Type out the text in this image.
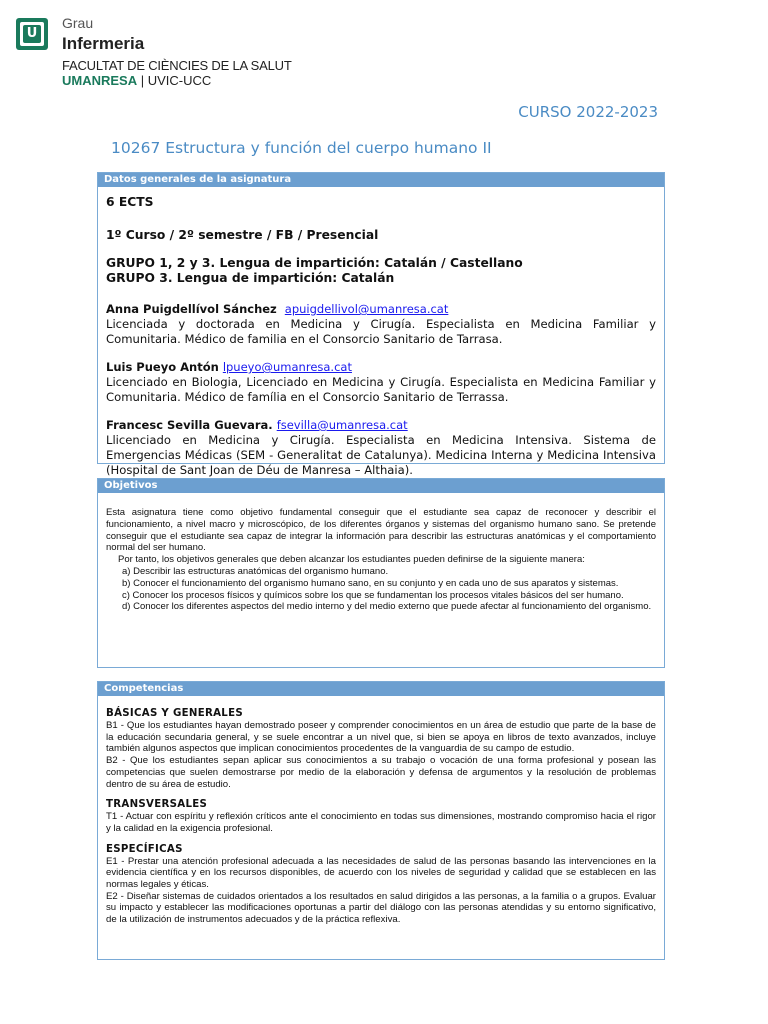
U
Grau
Infermeria
FACULTAT DE CIÈNCIES DE LA SALUT
UMANRESA | UVIC-UCC
CURSO 2022-2023
10267 Estructura y función del cuerpo humano II
Datos generales de la asignatura
6 ECTS
1º Curso / 2º semestre / FB / Presencial
GRUPO 1, 2 y 3. Lengua de impartición: Catalán / Castellano
GRUPO 3. Lengua de impartición: Catalán
Anna Puigdellívol Sánchez apuigdellivol@umanresa.cat
Licenciada y doctorada en Medicina y Cirugía. Especialista en Medicina Familiar y Comunitaria. Médico de familia en el Consorcio Sanitario de Tarrasa.
Luis Pueyo Antón lpueyo@umanresa.cat
Licenciado en Biologia, Licenciado en Medicina y Cirugía. Especialista en Medicina Familiar y Comunitaria. Médico de família en el Consorcio Sanitario de Terrassa.
Francesc Sevilla Guevara. fsevilla@umanresa.cat
Llicenciado en Medicina y Cirugía. Especialista en Medicina Intensiva. Sistema de Emergencias Médicas (SEM - Generalitat de Catalunya). Medicina Interna y Medicina Intensiva (Hospital de Sant Joan de Déu de Manresa – Althaia).
Objetivos
Esta asignatura tiene como objetivo fundamental conseguir que el estudiante sea capaz de reconocer y describir el funcionamiento, a nivel macro y microscópico, de los diferentes órganos y sistemas del organismo humano sano. Se pretende conseguir que el estudiante sea capaz de integrar la información para describir las estructuras anatómicas y el comportamiento normal del ser humano.
Por tanto, los objetivos generales que deben alcanzar los estudiantes pueden definirse de la siguiente manera:
a) Describir las estructuras anatómicas del organismo humano.
b) Conocer el funcionamiento del organismo humano sano, en su conjunto y en cada uno de sus aparatos y sistemas.
c) Conocer los procesos físicos y químicos sobre los que se fundamentan los procesos vitales básicos del ser humano.
d) Conocer los diferentes aspectos del medio interno y del medio externo que puede afectar al funcionamiento del organismo.
Competencias
BÁSICAS Y GENERALES
B1 - Que los estudiantes hayan demostrado poseer y comprender conocimientos en un área de estudio que parte de la base de la educación secundaria general, y se suele encontrar a un nivel que, si bien se apoya en libros de texto avanzados, incluye también algunos aspectos que implican conocimientos procedentes de la vanguardia de su campo de estudio.
B2 - Que los estudiantes sepan aplicar sus conocimientos a su trabajo o vocación de una forma profesional y posean las competencias que suelen demostrarse por medio de la elaboración y defensa de argumentos y la resolución de problemas dentro de su área de estudio.
TRANSVERSALES
T1 - Actuar con espíritu y reflexión críticos ante el conocimiento en todas sus dimensiones, mostrando compromiso hacia el rigor y la calidad en la exigencia profesional.
ESPECÍFICAS
E1 - Prestar una atención profesional adecuada a las necesidades de salud de las personas basando las intervenciones en la evidencia científica y en los recursos disponibles, de acuerdo con los niveles de seguridad y calidad que se establecen en las normas legales y éticas.
E2 - Diseñar sistemas de cuidados orientados a los resultados en salud dirigidos a las personas, a la familia o a grupos. Evaluar su impacto y establecer las modificaciones oportunas a partir del diálogo con las personas atendidas y su entorno significativo, de la utilización de instrumentos adecuados y de la práctica reflexiva.
